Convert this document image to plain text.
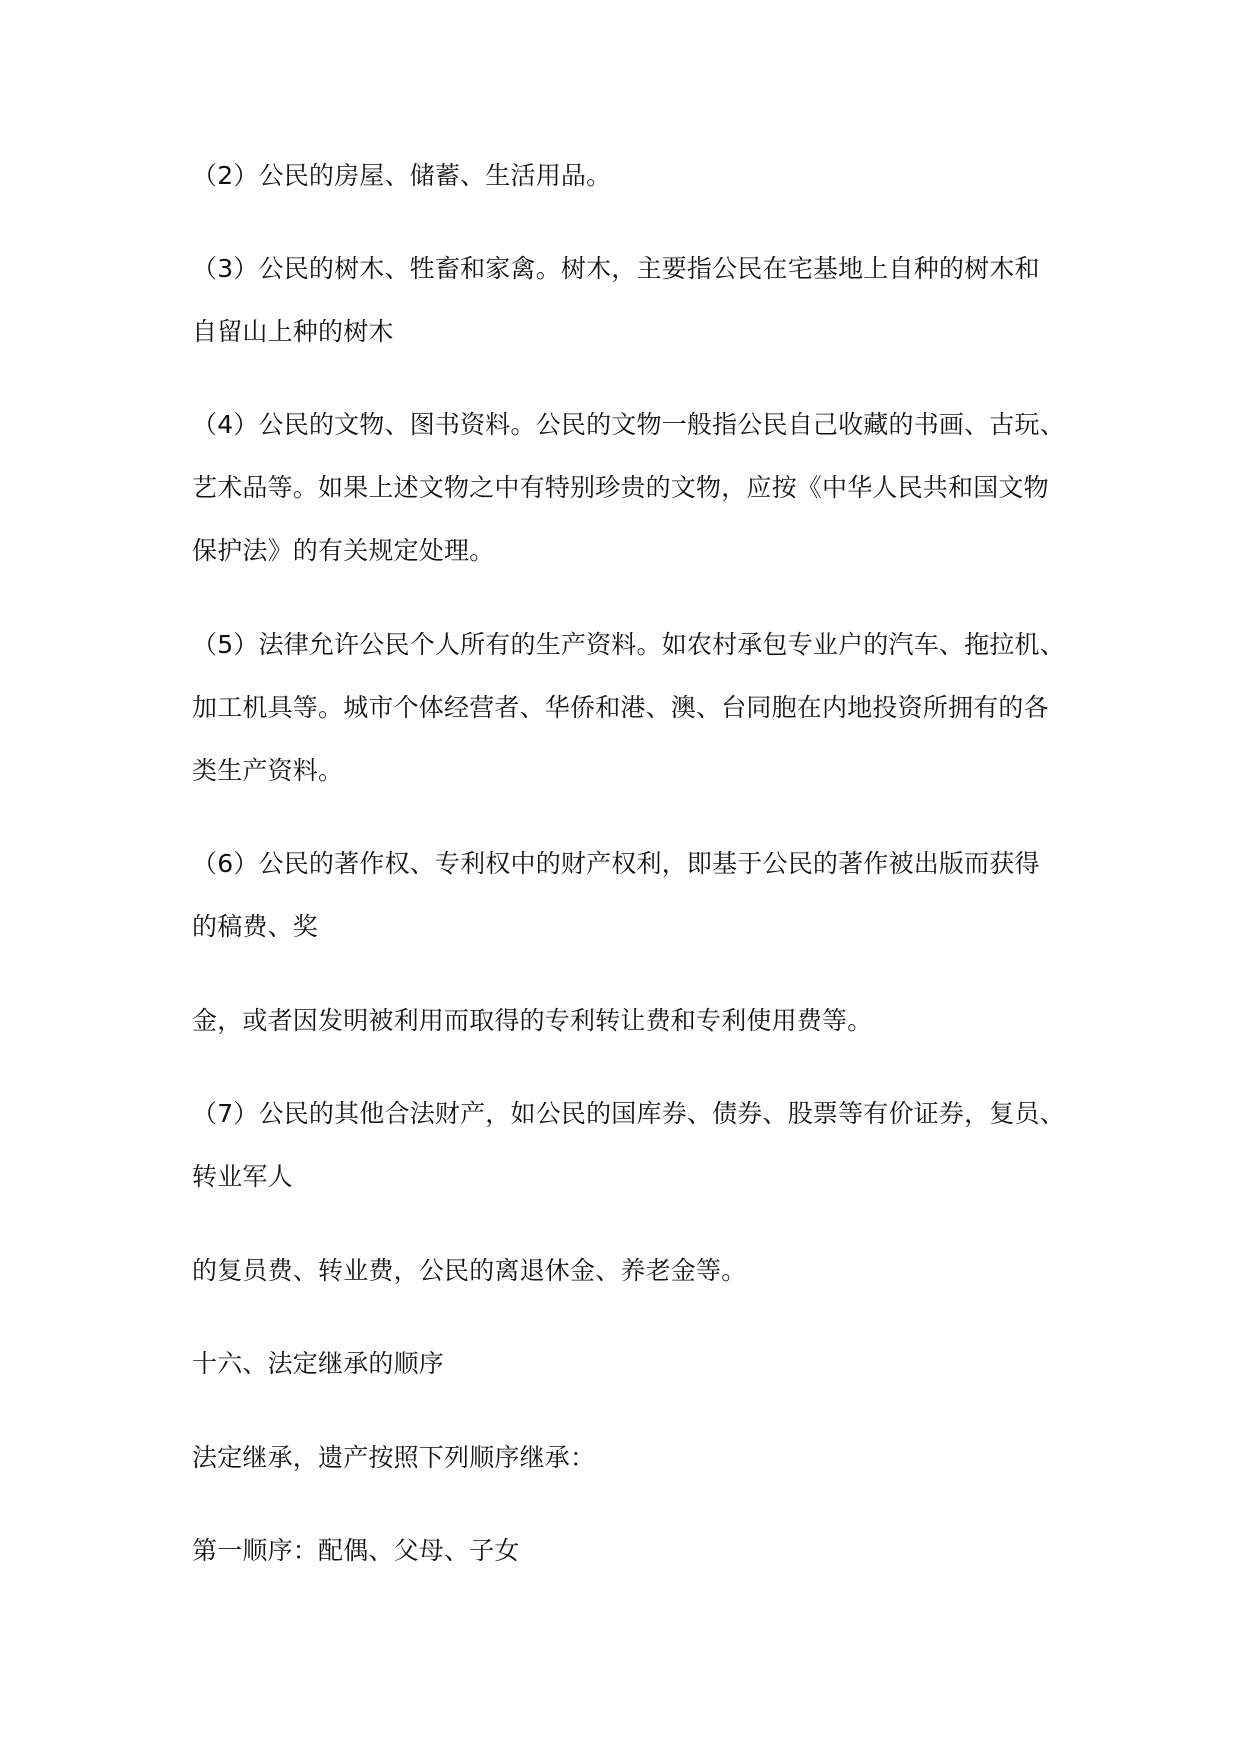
（2）公民的房屋、储蓄、生活用品。

（3）公民的树木、牲畜和家禽。树木，主要指公民在宅基地上自种的树木和

自留山上种的树木

（4）公民的文物、图书资料。公民的文物一般指公民自己收藏的书画、古玩、

艺术品等。如果上述文物之中有特别珍贵的文物，应按《中华人民共和国文物

保护法》的有关规定处理。

（5）法律允许公民个人所有的生产资料。如农村承包专业户的汽车、拖拉机、

加工机具等。城市个体经营者、华侨和港、澳、台同胞在内地投资所拥有的各

类生产资料。

（6）公民的著作权、专利权中的财产权利，即基于公民的著作被出版而获得

的稿费、奖

金，或者因发明被利用而取得的专利转让费和专利使用费等。

（7）公民的其他合法财产，如公民的国库券、债券、股票等有价证券，复员、

转业军人

的复员费、转业费，公民的离退休金、养老金等。

十六、法定继承的顺序

法定继承，遗产按照下列顺序继承：

第一顺序：配偶、父母、子女
